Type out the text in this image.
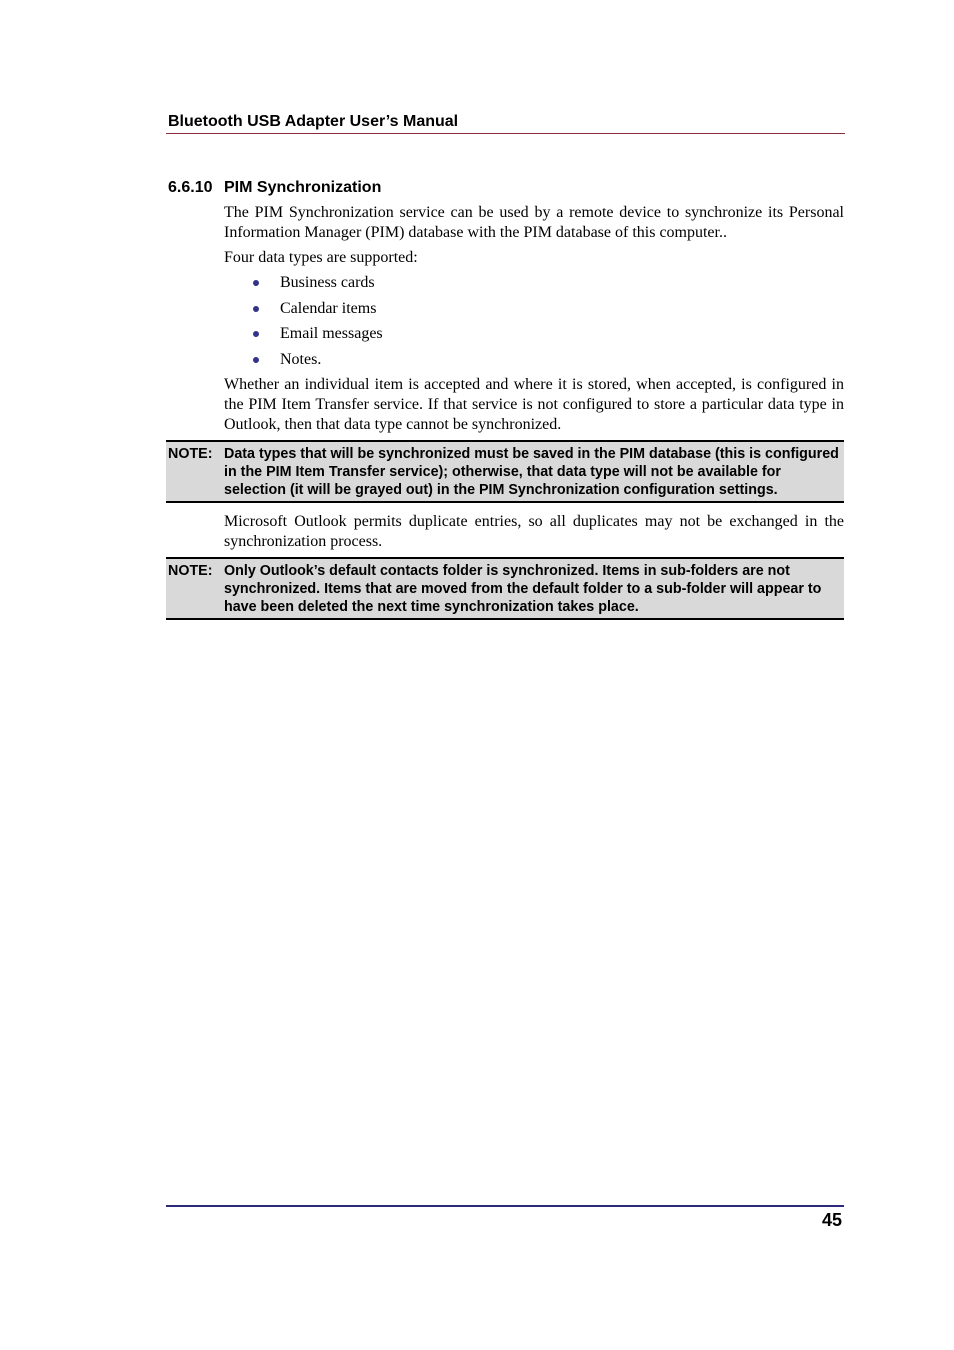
Bluetooth USB Adapter User’s Manual
6.6.10 PIM Synchronization

The PIM Synchronization service can be used by a remote device to synchronize its Personal Information Manager (PIM) database with the PIM database of this computer..

Four data types are supported:

Business cards
Calendar items
Email messages
Notes.

Whether an individual item is accepted and where it is stored, when accepted, is configured in the PIM Item Transfer service. If that service is not configured to store a particular data type in Outlook, then that data type cannot be synchronized.

NOTE: Data types that will be synchronized must be saved in the PIM database (this is configured in the PIM Item Transfer service); otherwise, that data type will not be available for selection (it will be grayed out) in the PIM Synchronization configuration settings.

Microsoft Outlook permits duplicate entries, so all duplicates may not be exchanged in the synchronization process.

NOTE: Only Outlook’s default contacts folder is synchronized. Items in sub-folders are not synchronized. Items that are moved from the default folder to a sub-folder will appear to have been deleted the next time synchronization takes place.
45
